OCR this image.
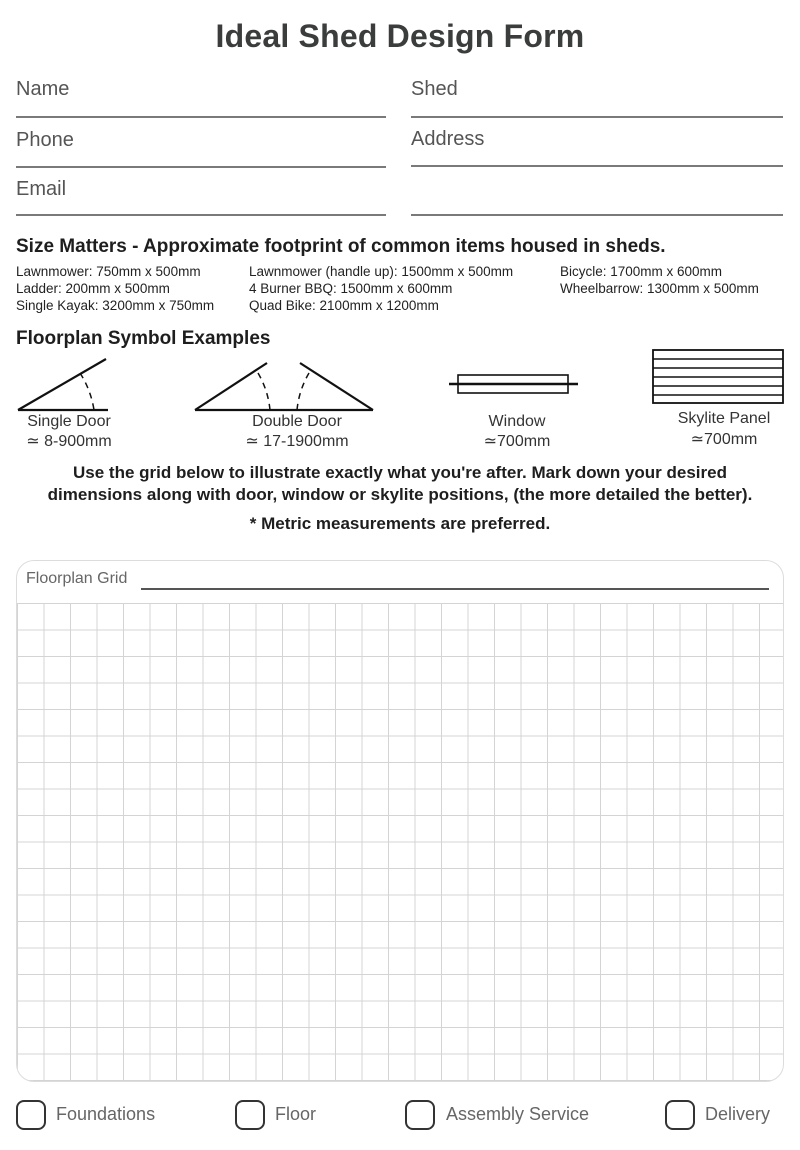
Ideal Shed Design Form
Name
Phone
Email
Shed
Address
Size Matters - Approximate footprint of common items housed in sheds.
Lawnmower: 750mm x 500mm
Ladder: 200mm x 500mm
Single Kayak: 3200mm x 750mm
Lawnmower (handle up): 1500mm x 500mm
4 Burner BBQ: 1500mm x 600mm
Quad Bike: 2100mm x 1200mm
Bicycle: 1700mm x 600mm
Wheelbarrow: 1300mm x 500mm
Floorplan Symbol Examples
Single Door
≃ 8-900mm
Double Door
≃ 17-1900mm
Window
≃700mm
Skylite Panel
≃700mm
Use the grid below to illustrate exactly what you're after. Mark down your desired
dimensions along with door, window or skylite positions, (the more detailed the better).
* Metric measurements are preferred.
Floorplan Grid
Foundations	Floor	Assembly Service	Delivery
